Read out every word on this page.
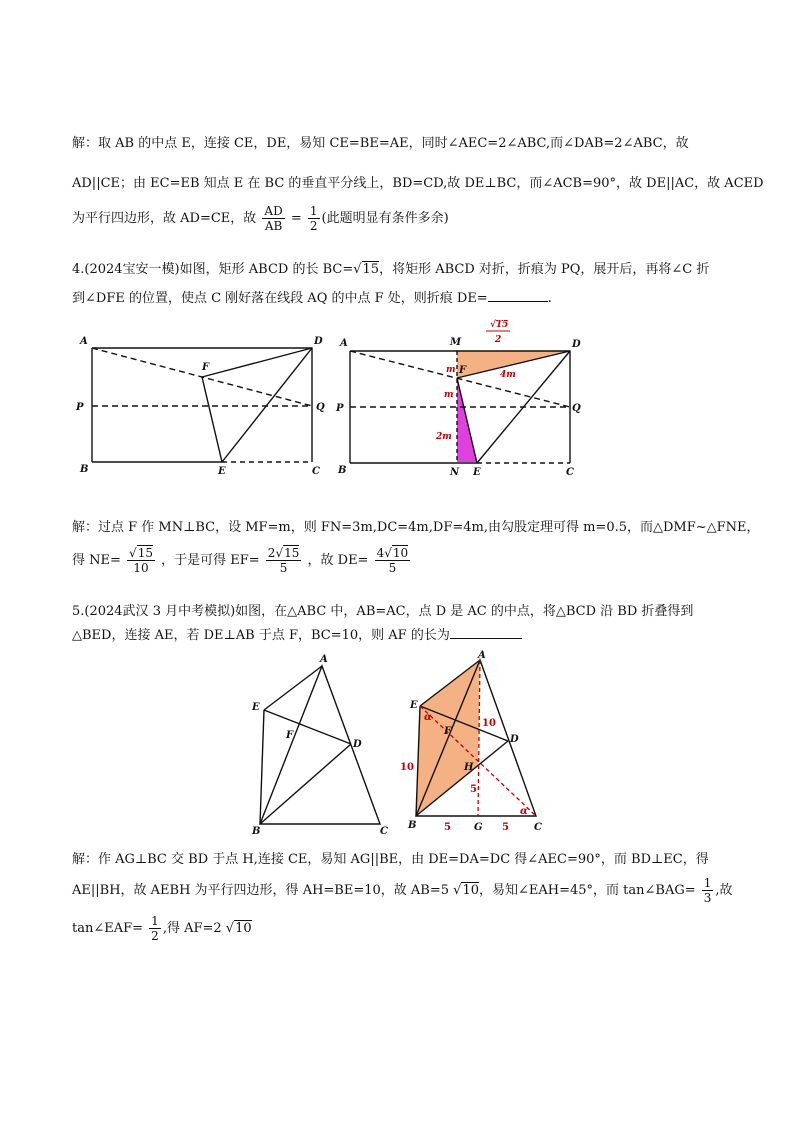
解：取 AB 的中点 E，连接 CE，DE，易知 CE=BE=AE，同时∠AEC=2∠ABC,而∠DAB=2∠ABC，故
AD||CE；由 EC=EB 知点 E 在 BC 的垂直平分线上，BD=CD,故 DE⊥BC，而∠ACB=90°，故 DE||AC，故 ACED
为平行四边形，故 AD=CE，故 $\frac{AD}{AB} = \frac{1}{2}$ (此题明显有条件多余)
4.(2024宝安一模)如图，矩形 ABCD 的长 BC=√15，将矩形 ABCD 对折，折痕为 PQ，展开后，再将∠C 折
到∠DFE 的位置，使点 C 刚好落在线段 AQ 的中点 F 处，则折痕 DE=	.
A	D
F
P	Q
B	E	C
A	M	D
F
P	Q
B	N E	C
√15
2
m
m
4m
2m
解：过点 F 作 MN⊥BC，设 MF=m，则 FN=3m,DC=4m,DF=4m,由勾股定理可得 m=0.5，而△DMF~△FNE，
得 $NE= \frac{√15}{10}$ ，于是可得 $EF= \frac{2√15}{5}$ ，故 $DE= \frac{4√10}{5}$
5.(2024武汉 3 月中考模拟)如图，在△ABC 中，AB=AC，点 D 是 AC 的中点，将△BCD 沿 BD 折叠得到
△BED，连接 AE，若 DE⊥AB 于点 F，BC=10，则 AF 的长为
A
E
F
D
B	C
A
E
F
D
H
B	G	C
10
10
5
5	5
α
α
解：作 AG⊥BC 交 BD 于点 H,连接 CE，易知 AG||BE，由 DE=DA=DC 得∠AEC=90°，而 BD⊥EC，得
AE||BH，故 AEBH 为平行四边形，得 AH=BE=10，故 AB=5 √10，易知∠EAH=45°，而 tan∠BAG= $\frac{1}{3}$ ,故
tan∠EAF= $\frac{1}{2}$ ,得 AF=2 √10
